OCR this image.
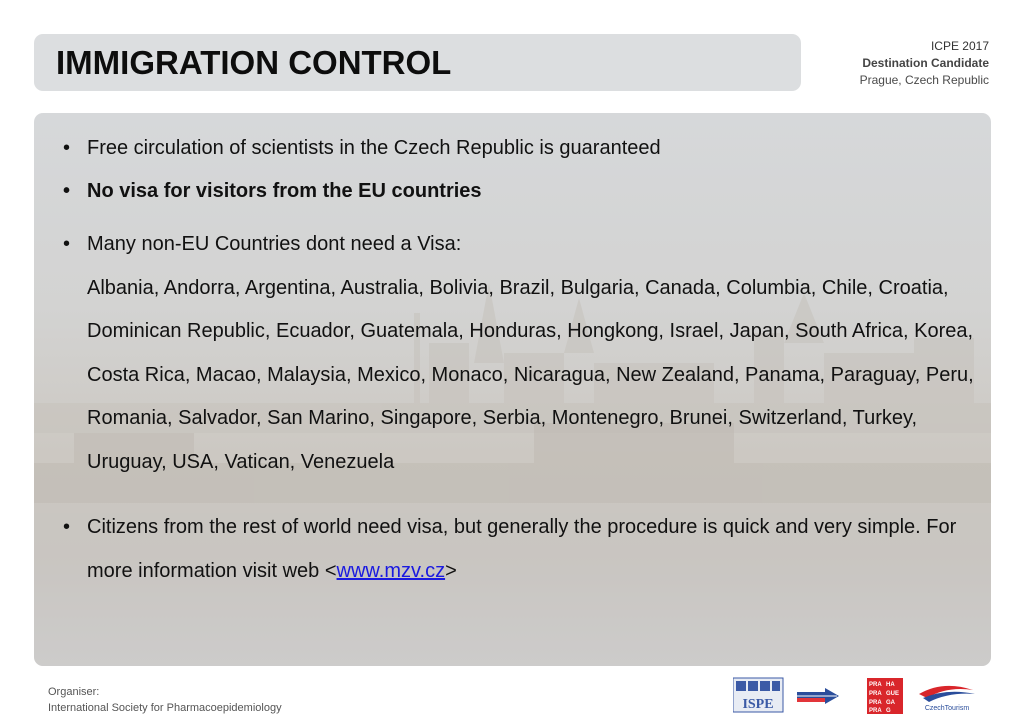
IMMIGRATION CONTROL	ICPE 2017
Destination Candidate
Prague, Czech Republic
• Free circulation of scientists in the Czech Republic is guaranteed
• No visa for visitors from the EU countries
• Many non-EU Countries dont need a Visa:
Albania, Andorra, Argentina, Australia, Bolivia, Brazil, Bulgaria, Canada, Columbia, Chile, Croatia, Dominican Republic, Ecuador, Guatemala, Honduras, Hongkong, Israel, Japan, South Africa, Korea, Costa Rica, Macao, Malaysia, Mexico, Monaco, Nicaragua, New Zealand, Panama, Paraguay, Peru, Romania, Salvador, San Marino, Singapore, Serbia, Montenegro, Brunei, Switzerland, Turkey, Uruguay, USA, Vatican, Venezuela
• Citizens from the rest of world need visa, but generally the procedure is quick and very simple. For more information visit web <www.mzv.cz>
Organiser:
International Society for Pharmacoepidemiology	ISPE
PRA HA
PRA GUE
PRA GA
PRA G	CzechTourism
